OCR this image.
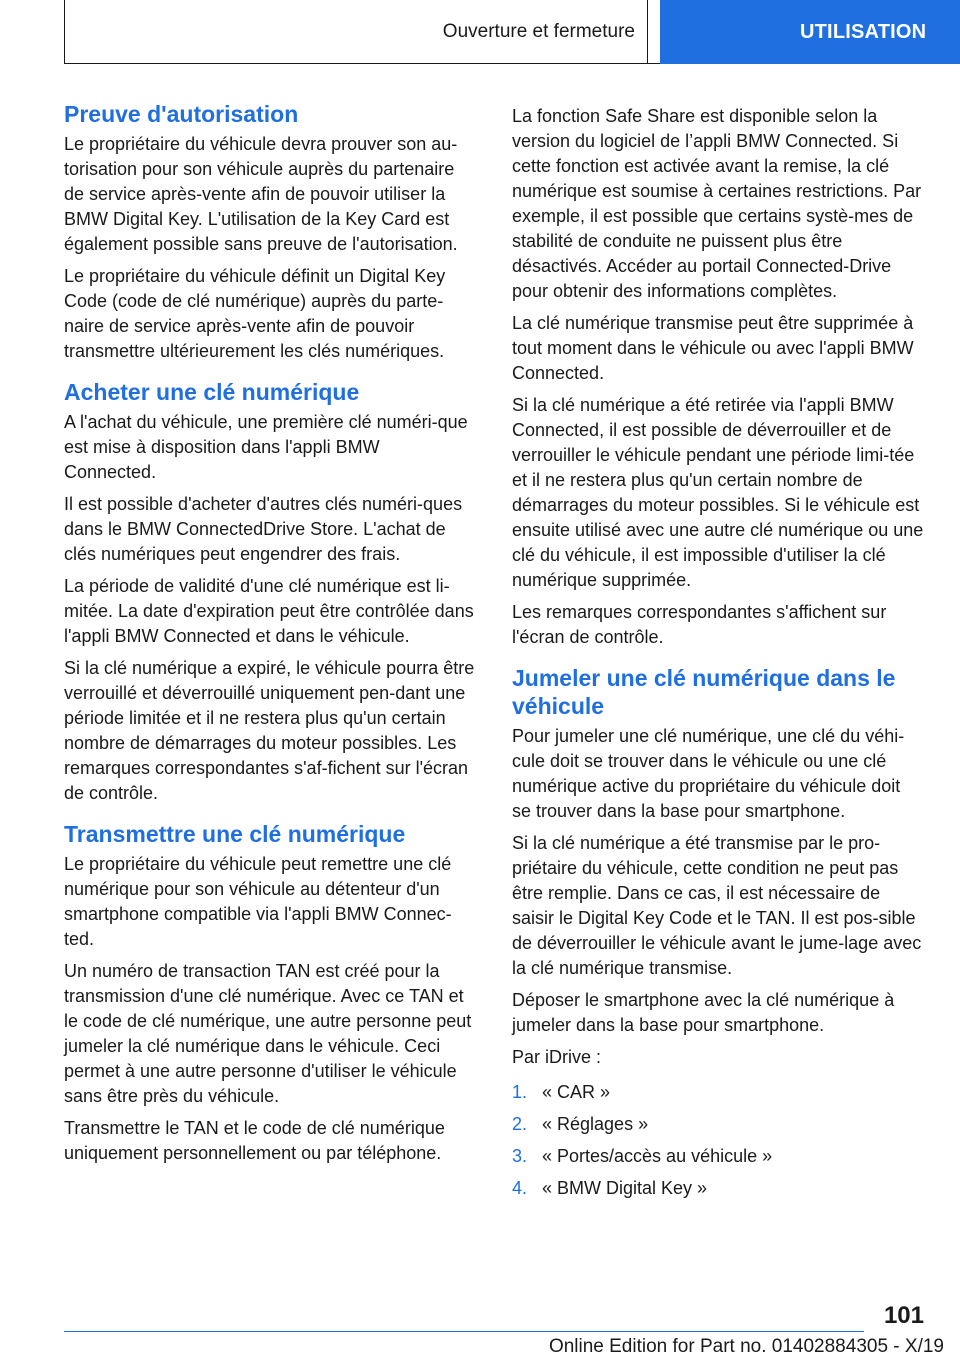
Ouverture et fermeture	UTILISATION
Preuve d'autorisation

Le propriétaire du véhicule devra prouver son au-torisation pour son véhicule auprès du partenaire de service après-vente afin de pouvoir utiliser la BMW Digital Key. L'utilisation de la Key Card est également possible sans preuve de l'autorisation.

Le propriétaire du véhicule définit un Digital Key Code (code de clé numérique) auprès du parte-naire de service après-vente afin de pouvoir transmettre ultérieurement les clés numériques.

Acheter une clé numérique

A l'achat du véhicule, une première clé numéri-que est mise à disposition dans l'appli BMW Connected.

Il est possible d'acheter d'autres clés numéri-ques dans le BMW ConnectedDrive Store. L'achat de clés numériques peut engendrer des frais.

La période de validité d'une clé numérique est li-mitée. La date d'expiration peut être contrôlée dans l'appli BMW Connected et dans le véhicule.

Si la clé numérique a expiré, le véhicule pourra être verrouillé et déverrouillé uniquement pen-dant une période limitée et il ne restera plus qu'un certain nombre de démarrages du moteur possibles. Les remarques correspondantes s'af-fichent sur l'écran de contrôle.

Transmettre une clé numérique

Le propriétaire du véhicule peut remettre une clé numérique pour son véhicule au détenteur d'un smartphone compatible via l'appli BMW Connec-ted.

Un numéro de transaction TAN est créé pour la transmission d'une clé numérique. Avec ce TAN et le code de clé numérique, une autre personne peut jumeler la clé numérique dans le véhicule. Ceci permet à une autre personne d'utiliser le véhicule sans être près du véhicule.

Transmettre le TAN et le code de clé numérique uniquement personnellement ou par téléphone.

La fonction Safe Share est disponible selon la version du logiciel de l’appli BMW Connected. Si cette fonction est activée avant la remise, la clé numérique est soumise à certaines restrictions. Par exemple, il est possible que certains systè-mes de stabilité de conduite ne puissent plus être désactivés. Accéder au portail Connected-Drive pour obtenir des informations complètes.

La clé numérique transmise peut être supprimée à tout moment dans le véhicule ou avec l'appli BMW Connected.

Si la clé numérique a été retirée via l'appli BMW Connected, il est possible de déverrouiller et de verrouiller le véhicule pendant une période limi-tée et il ne restera plus qu'un certain nombre de démarrages du moteur possibles. Si le véhicule est ensuite utilisé avec une autre clé numérique ou une clé du véhicule, il est impossible d'utiliser la clé numérique supprimée.

Les remarques correspondantes s'affichent sur l'écran de contrôle.

Jumeler une clé numérique dans le véhicule

Pour jumeler une clé numérique, une clé du véhi-cule doit se trouver dans le véhicule ou une clé numérique active du propriétaire du véhicule doit se trouver dans la base pour smartphone.

Si la clé numérique a été transmise par le pro-priétaire du véhicule, cette condition ne peut pas être remplie. Dans ce cas, il est nécessaire de saisir le Digital Key Code et le TAN. Il est pos-sible de déverrouiller le véhicule avant le jume-lage avec la clé numérique transmise.

Déposer le smartphone avec la clé numérique à jumeler dans la base pour smartphone.

Par iDrive :

1. « CAR »
2. « Réglages »
3. « Portes/accès au véhicule »
4. « BMW Digital Key »
101
Online Edition for Part no. 01402884305 - X/19
